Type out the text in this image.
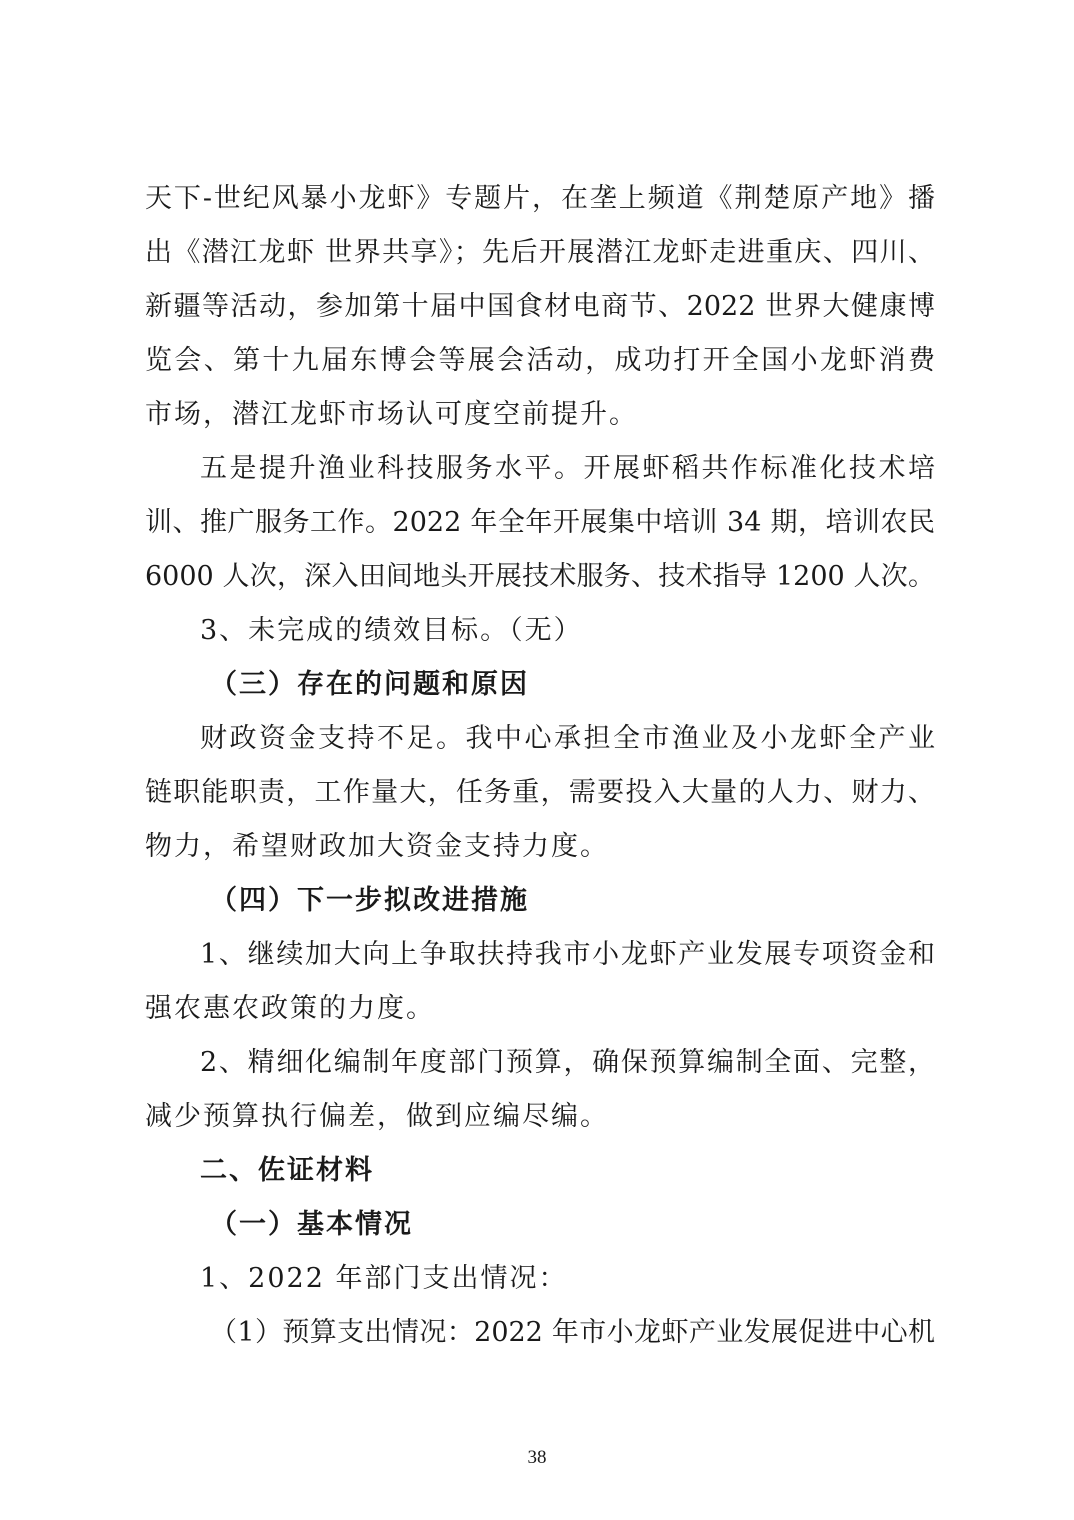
天下-世纪风暴小龙虾》专题片，在垄上频道《荆楚原产地》播
出《潜江龙虾 世界共享》；先后开展潜江龙虾走进重庆、四川、
新疆等活动，参加第十届中国食材电商节、2022 世界大健康博
览会、第十九届东博会等展会活动，成功打开全国小龙虾消费
市场，潜江龙虾市场认可度空前提升。
五是提升渔业科技服务水平。开展虾稻共作标准化技术培
训、推广服务工作。2022 年全年开展集中培训 34 期，培训农民
6000 人次，深入田间地头开展技术服务、技术指导 1200 人次。
3、未完成的绩效目标。（无）
（三）存在的问题和原因
财政资金支持不足。我中心承担全市渔业及小龙虾全产业
链职能职责，工作量大，任务重，需要投入大量的人力、财力、
物力，希望财政加大资金支持力度。
（四）下一步拟改进措施
1、继续加大向上争取扶持我市小龙虾产业发展专项资金和
强农惠农政策的力度。
2、精细化编制年度部门预算，确保预算编制全面、完整，
减少预算执行偏差，做到应编尽编。
二、佐证材料
（一）基本情况
1、2022 年部门支出情况：
（1）预算支出情况：2022 年市小龙虾产业发展促进中心机
38
